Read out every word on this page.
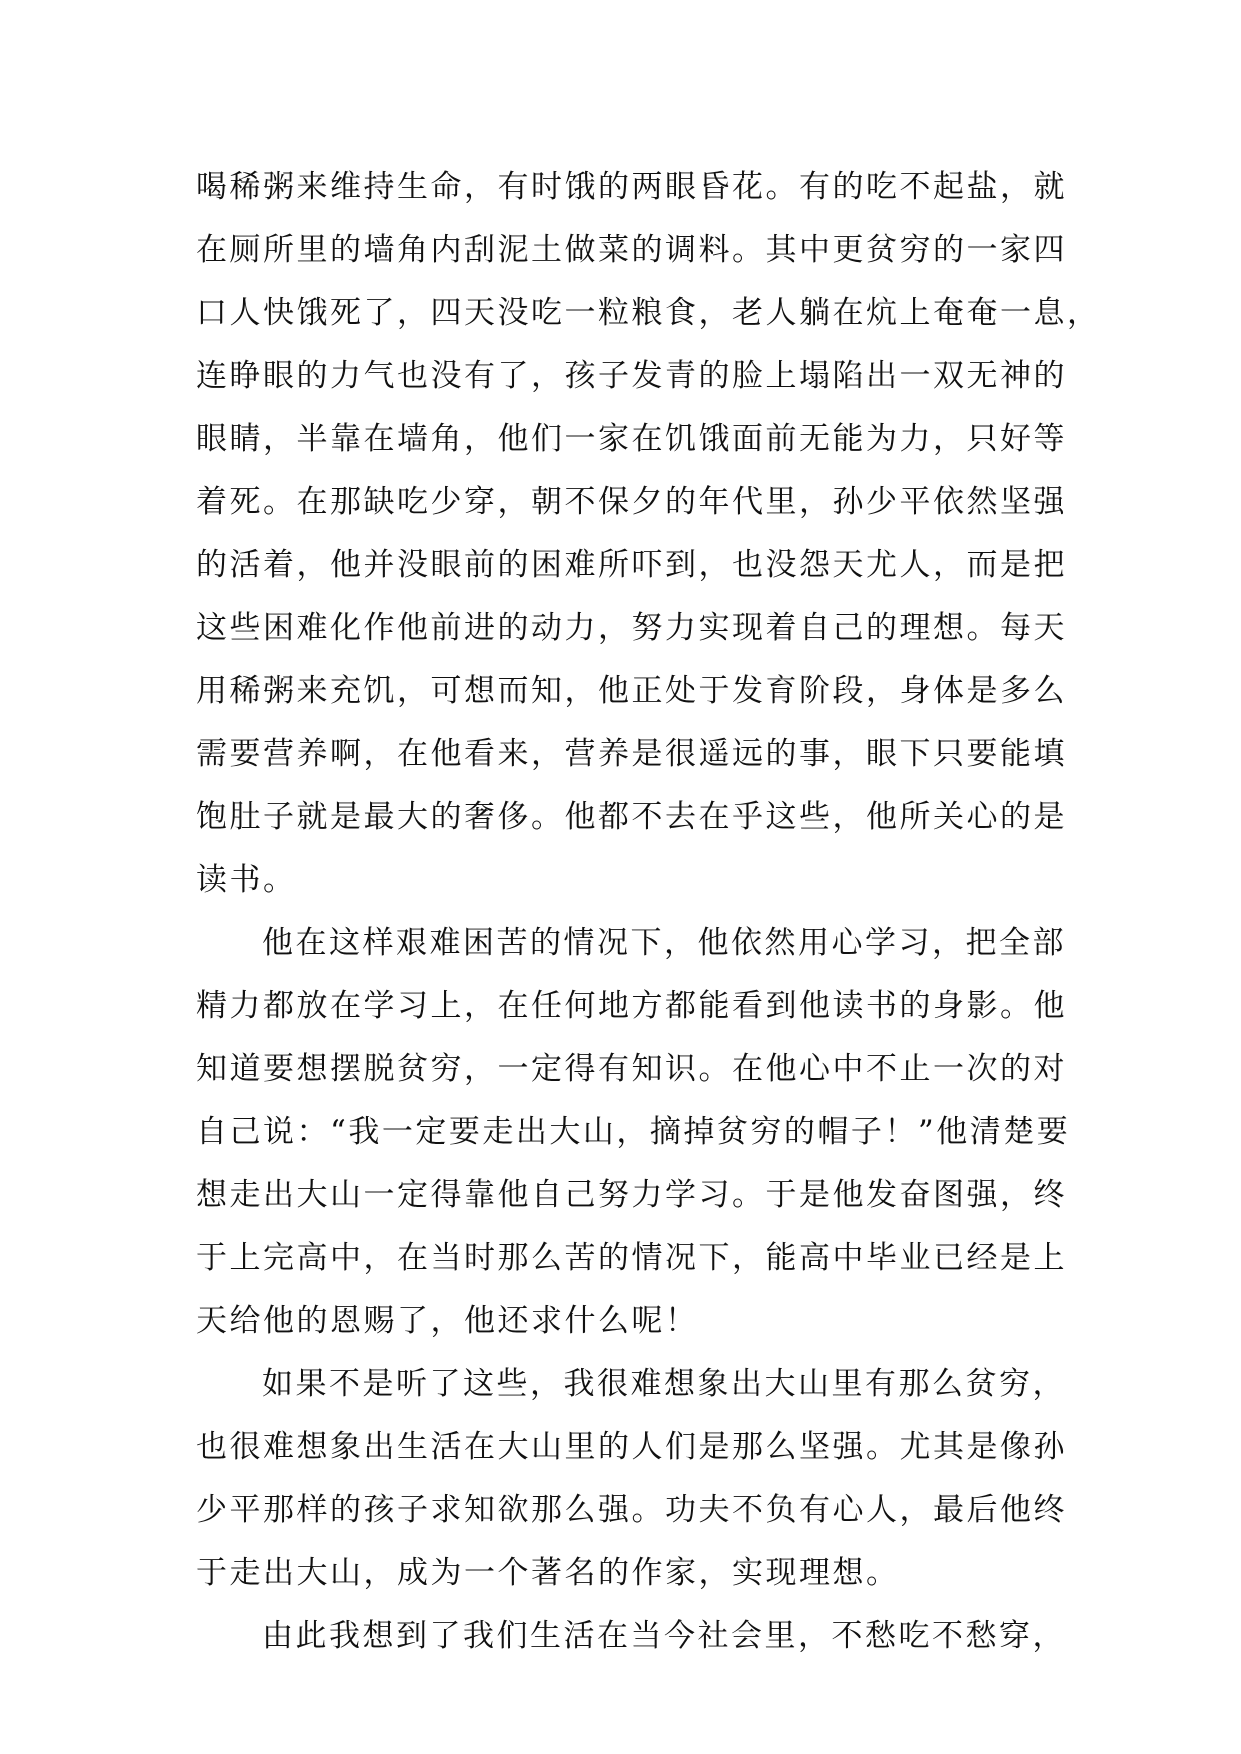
喝稀粥来维持生命，有时饿的两眼昏花。有的吃不起盐，就
在厕所里的墙角内刮泥土做菜的调料。其中更贫穷的一家四
口人快饿死了，四天没吃一粒粮食，老人躺在炕上奄奄一息，
连睁眼的力气也没有了，孩子发青的脸上塌陷出一双无神的
眼睛，半靠在墙角，他们一家在饥饿面前无能为力，只好等
着死。在那缺吃少穿，朝不保夕的年代里，孙少平依然坚强
的活着，他并没眼前的困难所吓到，也没怨天尤人，而是把
这些困难化作他前进的动力，努力实现着自己的理想。每天
用稀粥来充饥，可想而知，他正处于发育阶段，身体是多么
需要营养啊，在他看来，营养是很遥远的事，眼下只要能填
饱肚子就是最大的奢侈。他都不去在乎这些，他所关心的是
读书。
他在这样艰难困苦的情况下，他依然用心学习，把全部
精力都放在学习上，在任何地方都能看到他读书的身影。他
知道要想摆脱贫穷，一定得有知识。在他心中不止一次的对
自己说：“我一定要走出大山，摘掉贫穷的帽子！”他清楚要
想走出大山一定得靠他自己努力学习。于是他发奋图强，终
于上完高中，在当时那么苦的情况下，能高中毕业已经是上
天给他的恩赐了，他还求什么呢！
如果不是听了这些，我很难想象出大山里有那么贫穷，
也很难想象出生活在大山里的人们是那么坚强。尤其是像孙
少平那样的孩子求知欲那么强。功夫不负有心人，最后他终
于走出大山，成为一个著名的作家，实现理想。
由此我想到了我们生活在当今社会里，不愁吃不愁穿，
